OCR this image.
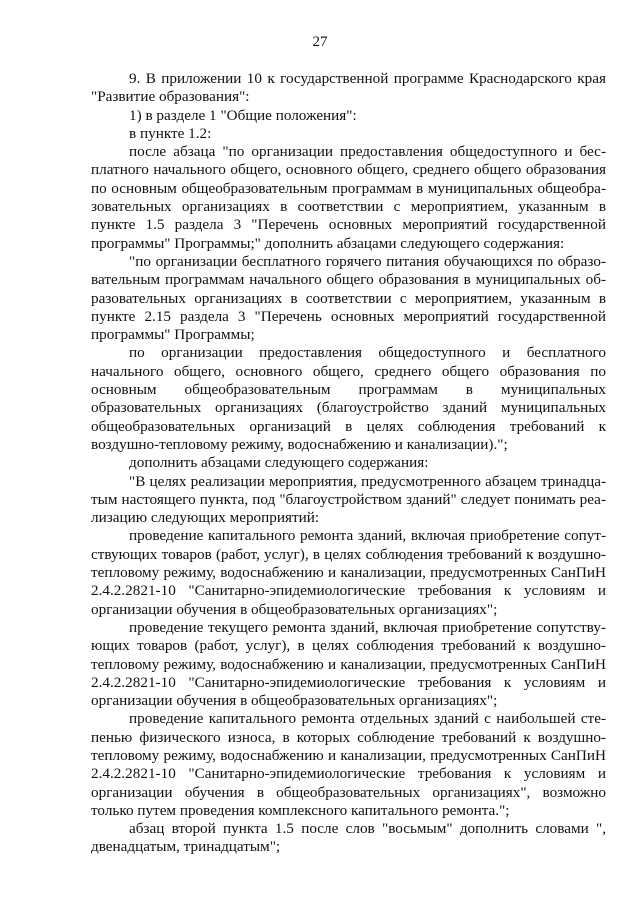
27

9. В приложении 10 к государственной программе Краснодарского края "Развитие образования":

1) в разделе 1 "Общие положения":

в пункте 1.2:

после абзаца "по организации предоставления общедоступного и бесплатного начального общего, основного общего, среднего общего образования по основным общеобразовательным программам в муниципальных общеобразовательных организациях в соответствии с мероприятием, указанным в пункте 1.5 раздела 3 "Перечень основных мероприятий государственной программы" Программы;" дополнить абзацами следующего содержания:

"по организации бесплатного горячего питания обучающихся по образовательным программам начального общего образования в муниципальных образовательных организациях в соответствии с мероприятием, указанным в пункте 2.15 раздела 3 "Перечень основных мероприятий государственной программы" Программы;

по организации предоставления общедоступного и бесплатного начального общего, основного общего, среднего общего образования по основным общеобразовательным программам в муниципальных образовательных организациях (благоустройство зданий муниципальных общеобразовательных организаций в целях соблюдения требований к воздушно-тепловому режиму, водоснабжению и канализации).";

дополнить абзацами следующего содержания:

"В целях реализации мероприятия, предусмотренного абзацем тринадцатым настоящего пункта, под "благоустройством зданий" следует понимать реализацию следующих мероприятий:

проведение капитального ремонта зданий, включая приобретение сопутствующих товаров (работ, услуг), в целях соблюдения требований к воздушно-тепловому режиму, водоснабжению и канализации, предусмотренных СанПиН 2.4.2.2821-10 "Санитарно-эпидемиологические требования к условиям и организации обучения в общеобразовательных организациях";

проведение текущего ремонта зданий, включая приобретение сопутствующих товаров (работ, услуг), в целях соблюдения требований к воздушно-тепловому режиму, водоснабжению и канализации, предусмотренных СанПиН 2.4.2.2821-10 "Санитарно-эпидемиологические требования к условиям и организации обучения в общеобразовательных организациях";

проведение капитального ремонта отдельных зданий с наибольшей степенью физического износа, в которых соблюдение требований к воздушно-тепловому режиму, водоснабжению и канализации, предусмотренных СанПиН 2.4.2.2821-10 "Санитарно-эпидемиологические требования к условиям и организации обучения в общеобразовательных организациях", возможно только путем проведения комплексного капитального ремонта.";

абзац второй пункта 1.5 после слов "восьмым" дополнить словами ", двенадцатым, тринадцатым";
